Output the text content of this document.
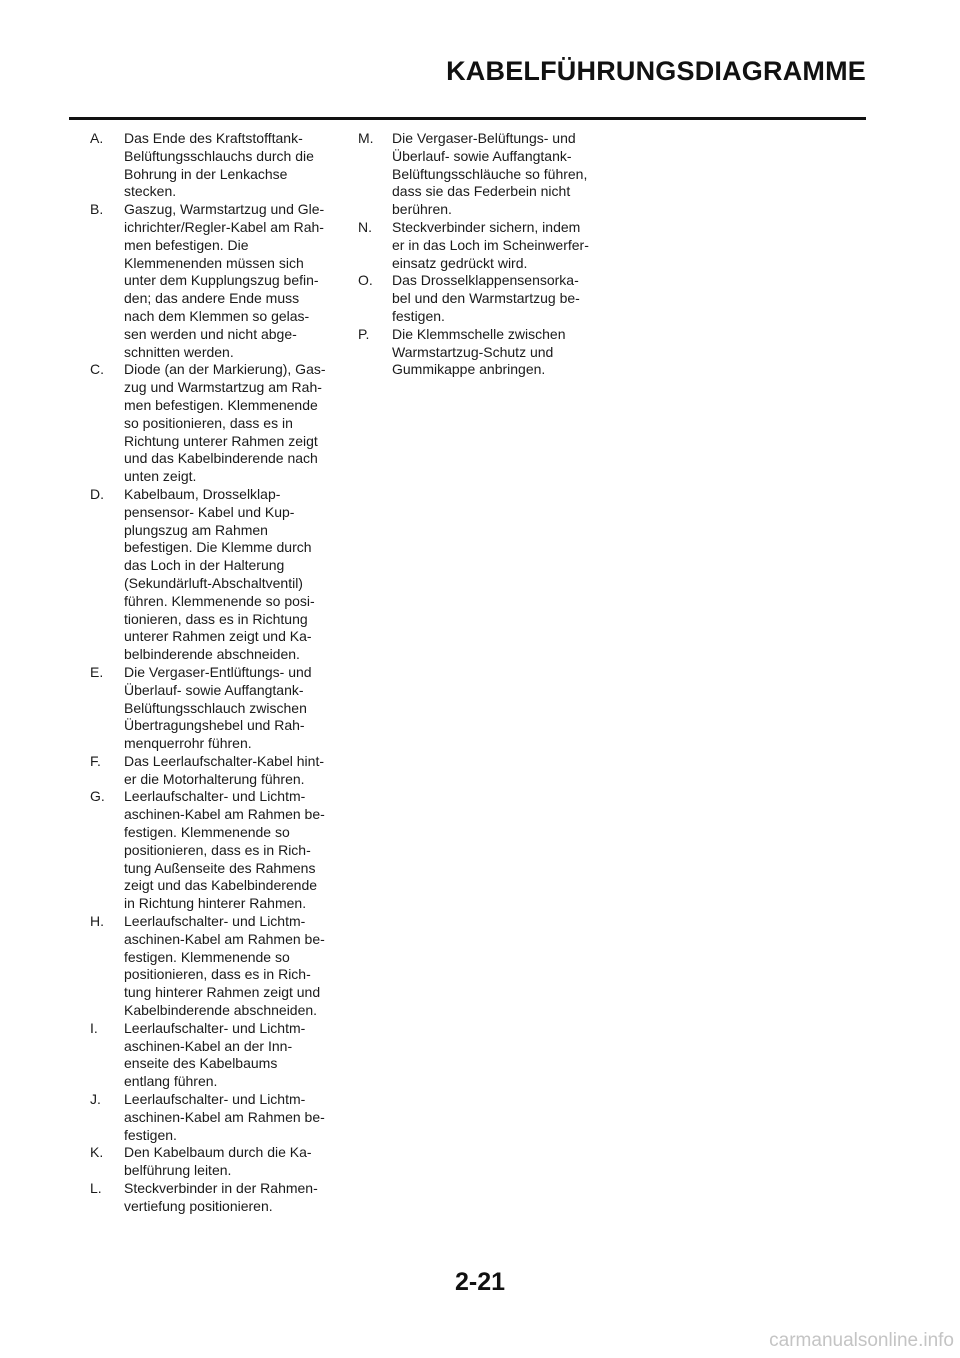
KABELFÜHRUNGSDIAGRAMME
A.	Das Ende des Kraftstofftank-
Belüftungsschlauchs durch die
Bohrung in der Lenkachse
stecken.
B.	Gaszug, Warmstartzug und Gle-
ichrichter/Regler-Kabel am Rah-
men befestigen. Die
Klemmenenden müssen sich
unter dem Kupplungszug befin-
den; das andere Ende muss
nach dem Klemmen so gelas-
sen werden und nicht abge-
schnitten werden.
C.	Diode (an der Markierung), Gas-
zug und Warmstartzug am Rah-
men befestigen. Klemmenende
so positionieren, dass es in
Richtung unterer Rahmen zeigt
und das Kabelbinderende nach
unten zeigt.
D.	Kabelbaum, Drosselklap-
pensensor- Kabel und Kup-
plungszug am Rahmen
befestigen. Die Klemme durch
das Loch in der Halterung
(Sekundärluft-Abschaltventil)
führen. Klemmenende so posi-
tionieren, dass es in Richtung
unterer Rahmen zeigt und Ka-
belbinderende abschneiden.
E.	Die Vergaser-Entlüftungs- und
Überlauf- sowie Auffangtank-
Belüftungsschlauch zwischen
Übertragungshebel und Rah-
menquerrohr führen.
F.	Das Leerlaufschalter-Kabel hint-
er die Motorhalterung führen.
G.	Leerlaufschalter- und Lichtm-
aschinen-Kabel am Rahmen be-
festigen. Klemmenende so
positionieren, dass es in Rich-
tung Außenseite des Rahmens
zeigt und das Kabelbinderende
in Richtung hinterer Rahmen.
H.	Leerlaufschalter- und Lichtm-
aschinen-Kabel am Rahmen be-
festigen. Klemmenende so
positionieren, dass es in Rich-
tung hinterer Rahmen zeigt und
Kabelbinderende abschneiden.
I.	Leerlaufschalter- und Lichtm-
aschinen-Kabel an der Inn-
enseite des Kabelbaums
entlang führen.
J.	Leerlaufschalter- und Lichtm-
aschinen-Kabel am Rahmen be-
festigen.
K.	Den Kabelbaum durch die Ka-
belführung leiten.
L.	Steckverbinder in der Rahmen-
vertiefung positionieren.
M.	Die Vergaser-Belüftungs- und
Überlauf- sowie Auffangtank-
Belüftungsschläuche so führen,
dass sie das Federbein nicht
berühren.
N.	Steckverbinder sichern, indem
er in das Loch im Scheinwerfer-
einsatz gedrückt wird.
O.	Das Drosselklappensensorka-
bel und den Warmstartzug be-
festigen.
P.	Die Klemmschelle zwischen
Warmstartzug-Schutz und
Gummikappe anbringen.
2-21
carmanualsonline.info
